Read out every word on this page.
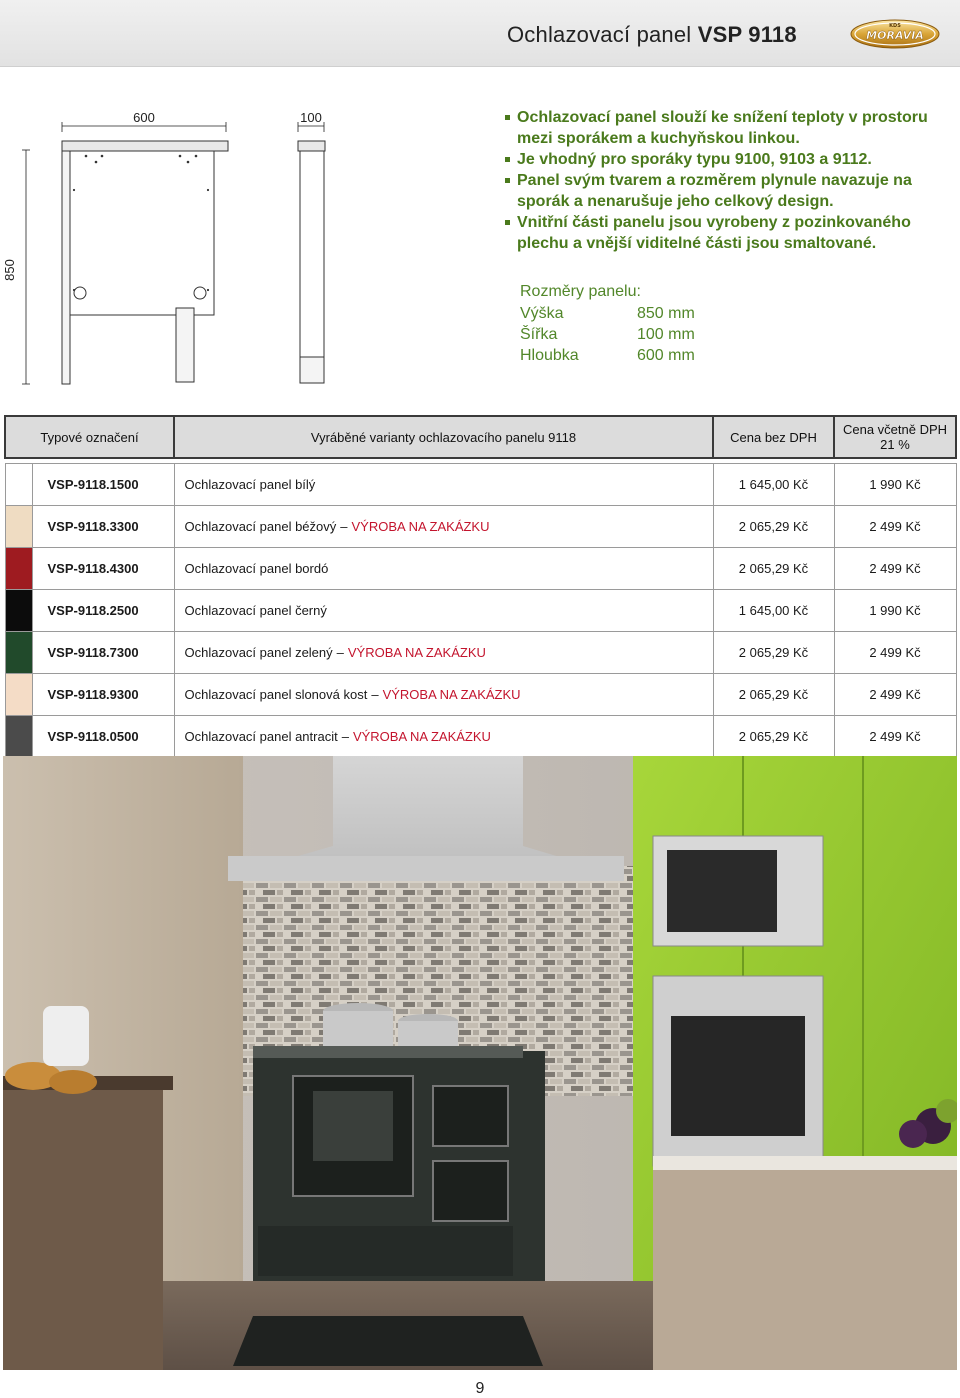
Ochlazovací panel VSP 9118	KDS
MORAVIA
600	100
850
Ochlazovací panel slouží ke snížení teploty v prostoru mezi sporákem a kuchyňskou linkou.
Je vhodný pro sporáky typu 9100, 9103 a 9112.
Panel svým tvarem a rozměrem plynule navazuje na sporák a nenarušuje jeho celkový design.
Vnitřní části panelu jsou vyrobeny z pozinkovaného plechu a vnější viditelné části jsou smaltované.
Rozměry panelu:
Výška	850 mm
Šířka	100 mm
Hloubka	600 mm
Typové označení		Vyráběné varianty ochlazovacího panelu 9118	Cena bez DPH	Cena včetně DPH 21 %

	VSP-9118.1500	Ochlazovací panel bílý	1 645,00 Kč	1 990 Kč
	VSP-9118.3300	Ochlazovací panel béžový – VÝROBA NA ZAKÁZKU	2 065,29 Kč	2 499 Kč
	VSP-9118.4300	Ochlazovací panel bordó	2 065,29 Kč	2 499 Kč
	VSP-9118.2500	Ochlazovací panel černý	1 645,00 Kč	1 990 Kč
	VSP-9118.7300	Ochlazovací panel zelený – VÝROBA NA ZAKÁZKU	2 065,29 Kč	2 499 Kč
	VSP-9118.9300	Ochlazovací panel slonová kost – VÝROBA NA ZAKÁZKU	2 065,29 Kč	2 499 Kč
	VSP-9118.0500	Ochlazovací panel antracit – VÝROBA NA ZAKÁZKU	2 065,29 Kč	2 499 Kč
9
